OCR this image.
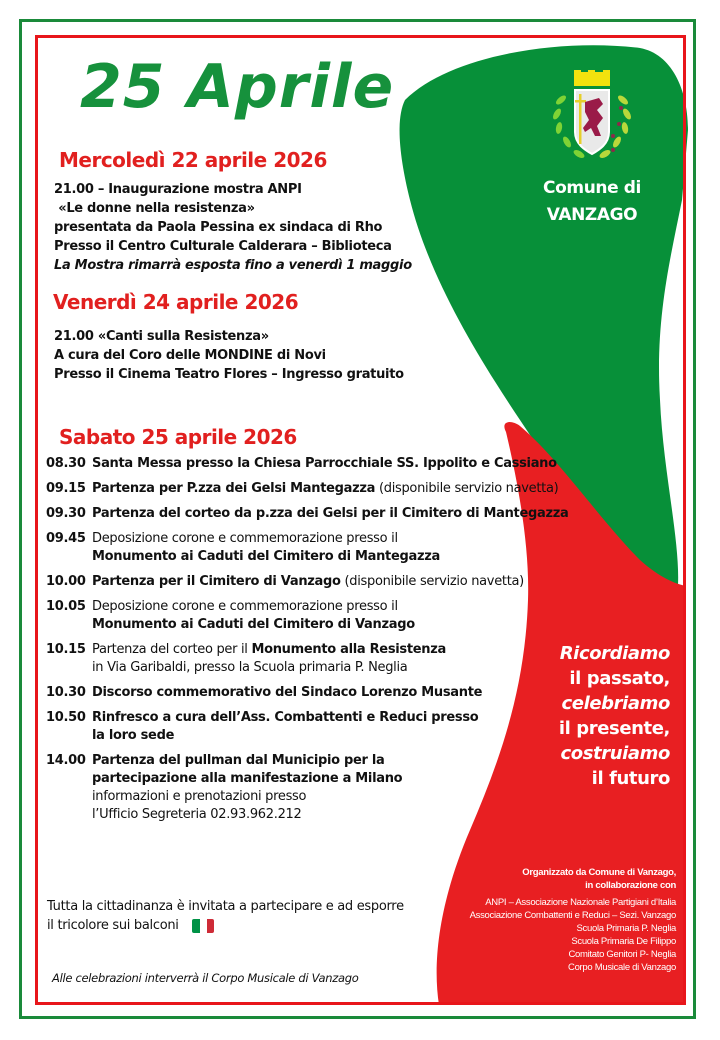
25 Aprile
Comune di
VANZAGO
Mercoledì 22 aprile 2026
21.00 – Inaugurazione mostra ANPI
«Le donne nella resistenza»
presentata da Paola Pessina ex sindaca di Rho
Presso il Centro Culturale Calderara – Biblioteca
La Mostra rimarrà esposta fino a venerdì 1 maggio
Venerdì 24 aprile 2026
21.00 «Canti sulla Resistenza»
A cura del Coro delle MONDINE di Novi
Presso il Cinema Teatro Flores – Ingresso gratuito
Sabato 25 aprile 2026
08.30 Santa Messa presso la Chiesa Parrocchiale SS. Ippolito e Cassiano
09.15 Partenza per P.zza dei Gelsi Mantegazza (disponibile servizio navetta)
09.30 Partenza del corteo da p.zza dei Gelsi per il Cimitero di Mantegazza
09.45 Deposizione corone e commemorazione presso il
Monumento ai Caduti del Cimitero di Mantegazza
10.00 Partenza per il Cimitero di Vanzago (disponibile servizio navetta)
10.05 Deposizione corone e commemorazione presso il
Monumento ai Caduti del Cimitero di Vanzago
10.15 Partenza del corteo per il Monumento alla Resistenza
in Via Garibaldi, presso la Scuola primaria P. Neglia
10.30 Discorso commemorativo del Sindaco Lorenzo Musante
10.50 Rinfresco a cura dell’Ass. Combattenti e Reduci presso
la loro sede
14.00 Partenza del pullman dal Municipio per la
partecipazione alla manifestazione a Milano
informazioni e prenotazioni presso
l’Ufficio Segreteria 02.93.962.212
Ricordiamo
il passato,
celebriamo
il presente,
costruiamo
il futuro
Organizzato da Comune di Vanzago,
in collaborazione con
ANPI – Associazione Nazionale Partigiani d’Italia
Associazione Combattenti e Reduci – Sezi. Vanzago
Scuola Primaria P. Neglia
Scuola Primaria De Filippo
Comitato Genitori P- Neglia
Corpo Musicale di Vanzago
Tutta la cittadinanza è invitata a partecipare e ad esporre
il tricolore sui balconi
Alle celebrazioni interverrà il Corpo Musicale di Vanzago
